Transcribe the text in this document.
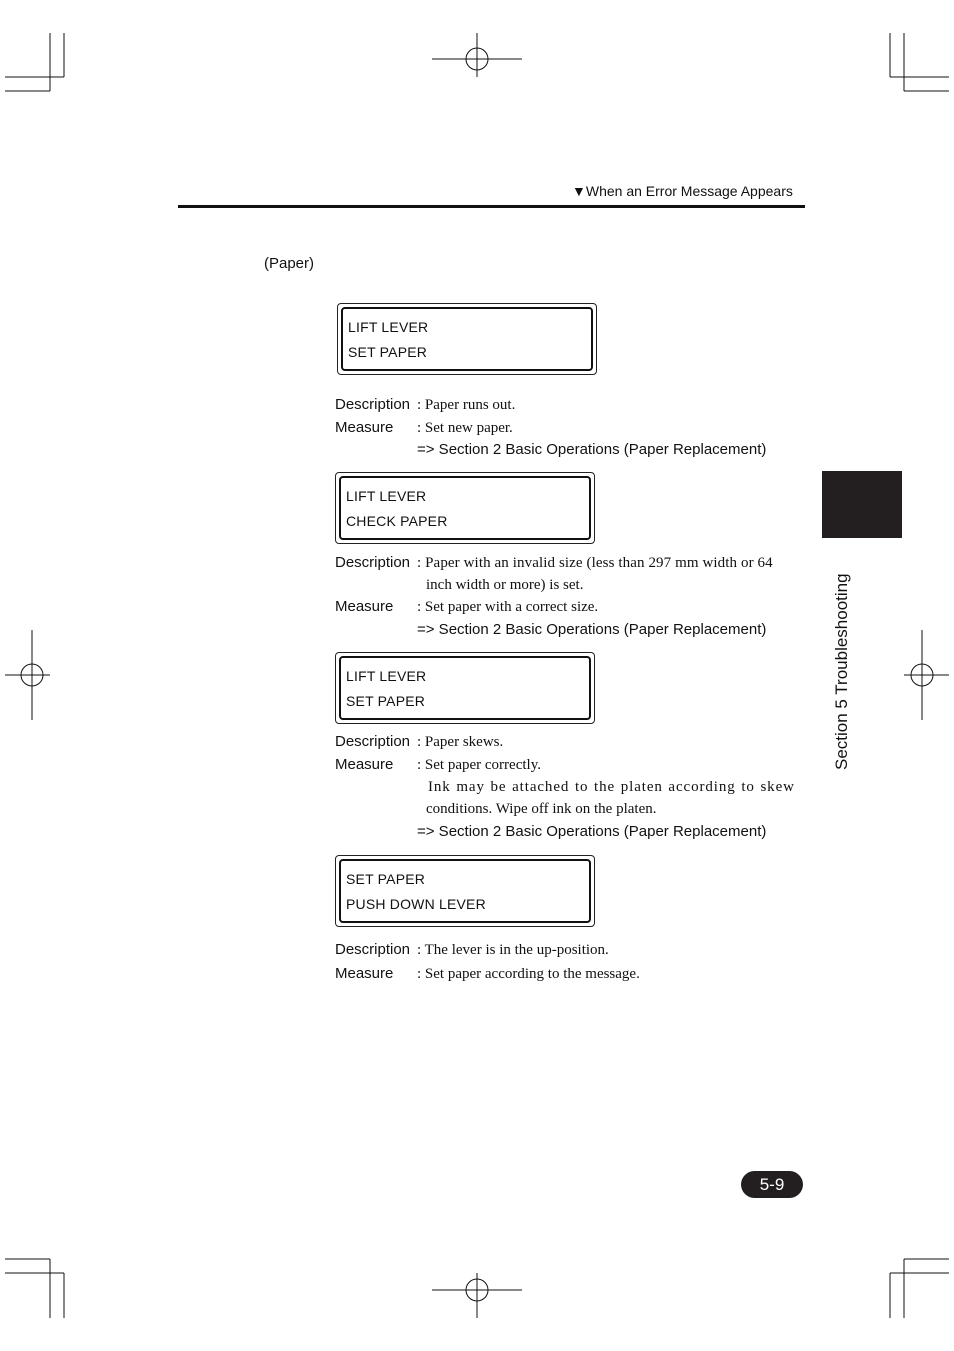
▼When an Error Message Appears
(Paper)
LIFT LEVER
SET PAPER
Description : Paper runs out.
Measure : Set new paper.
=> Section 2 Basic Operations (Paper Replacement)
LIFT LEVER
CHECK PAPER
Description : Paper with an invalid size (less than 297 mm width or 64
inch width or more) is set.
Measure : Set paper with a correct size.
=> Section 2 Basic Operations (Paper Replacement)
LIFT LEVER
SET PAPER
Description : Paper skews.
Measure : Set paper correctly.
Ink may be attached to the platen according to skew
conditions. Wipe off ink on the platen.
=> Section 2 Basic Operations (Paper Replacement)
SET PAPER
PUSH DOWN LEVER
Description : The lever is in the up-position.
Measure : Set paper according to the message.
Section 5 Troubleshooting
5-9
